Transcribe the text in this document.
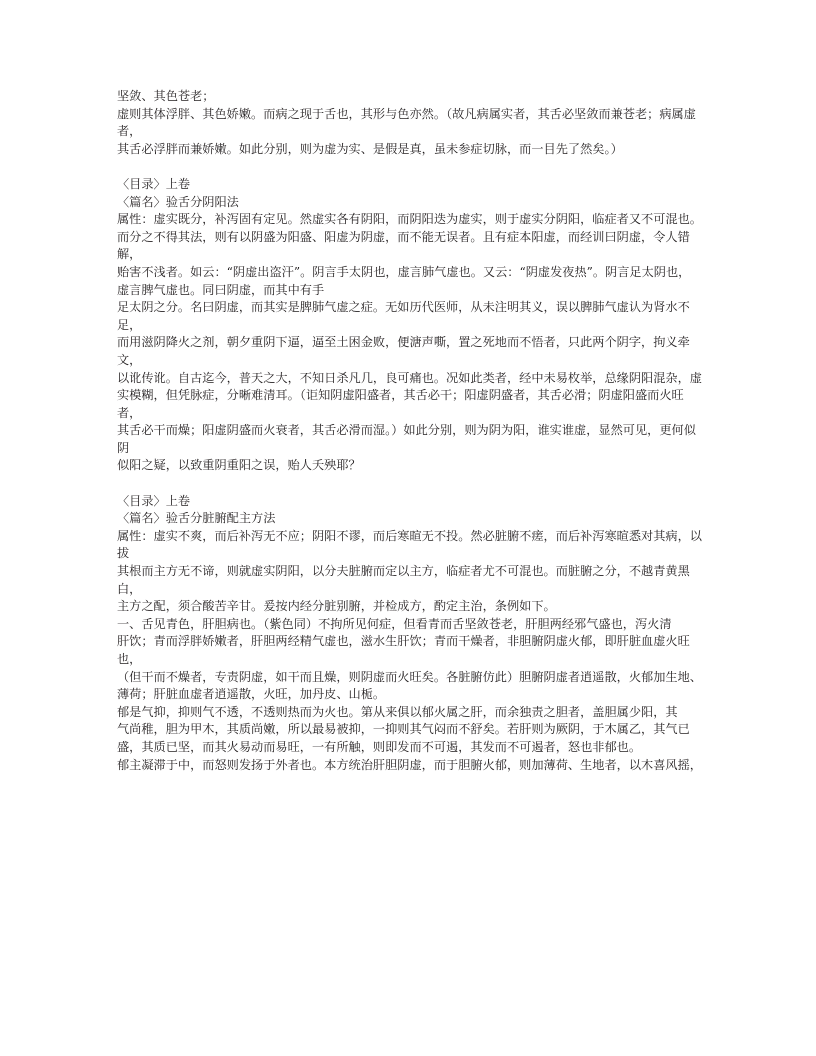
坚敛、其色苍老；
虚则其体浮胖、其色娇嫩。而病之现于舌也，其形与色亦然。（故凡病属实者，其舌必坚敛而兼苍老；病属虚者，
其舌必浮胖而兼娇嫩。如此分别，则为虚为实、是假是真，虽未参症切脉，而一目先了然矣。）

〈目录〉上卷
〈篇名〉验舌分阴阳法
属性：虚实既分，补泻固有定见。然虚实各有阴阳，而阴阳迭为虚实，则于虚实分阴阳，临症者又不可混也。
而分之不得其法，则有以阴盛为阳盛、阳虚为阴虚，而不能无误者。且有症本阳虚，而经训曰阴虚，令人错解，
贻害不浅者。如云：“阴虚出盗汗”。阴言手太阴也，虚言肺气虚也。又云：“阴虚发夜热”。阴言足太阴也，
虚言脾气虚也。同曰阴虚，而其中有手
足太阴之分。名曰阴虚，而其实是脾肺气虚之症。无如历代医师，从未注明其义，误以脾肺气虚认为肾水不足，
而用滋阴降火之剂，朝夕重阴下逼，逼至土困金败，便溏声嘶，置之死地而不悟者，只此两个阴字，拘义牵文，
以讹传讹。自古迄今，普天之大，不知日杀凡几，良可痛也。况如此类者，经中未易枚举，总缘阴阳混杂，虚
实模糊，但凭脉症，分晰难清耳。（讵知阴虚阳盛者，其舌必干；阳虚阴盛者，其舌必滑；阴虚阳盛而火旺者，
其舌必干而燥；阳虚阴盛而火衰者，其舌必滑而湿。）如此分别，则为阴为阳，谁实谁虚，显然可见，更何似阴
似阳之疑，以致重阴重阳之误，贻人夭殃耶？

〈目录〉上卷
〈篇名〉验舌分脏腑配主方法
属性：虚实不爽，而后补泻无不应；阴阳不谬，而后寒暄无不投。然必脏腑不瘥，而后补泻寒暄悉对其病，以拔
其根而主方无不谛，则就虚实阴阳，以分夫脏腑而定以主方，临症者尤不可混也。而脏腑之分，不越青黄黑白，
主方之配，须合酸苦辛甘。爰按内经分脏别腑，并检成方，酌定主治，条例如下。
一、舌见青色，肝胆病也。（紫色同）不拘所见何症，但看青而舌坚敛苍老，肝胆两经邪气盛也，泻火清
肝饮；青而浮胖娇嫩者，肝胆两经精气虚也，滋水生肝饮；青而干燥者，非胆腑阴虚火郁，即肝脏血虚火旺也，
（但干而不燥者，专责阴虚，如干而且燥，则阴虚而火旺矣。各脏腑仿此）胆腑阴虚者逍遥散，火郁加生地、
薄荷；肝脏血虚者逍遥散，火旺，加丹皮、山栀。
郁是气抑，抑则气不透，不透则热而为火也。第从来俱以郁火属之肝，而余独责之胆者，盖胆属少阳，其
气尚稚，胆为甲木，其质尚嫩，所以最易被抑，一抑则其气闷而不舒矣。若肝则为厥阴，于木属乙，其气已盛，其质已坚，而其火易动而易旺，一有所触，则即发而不可遏，其发而不可遏者，怒也非郁也。
郁主凝滞于中，而怒则发扬于外者也。本方统治肝胆阴虚，而于胆腑火郁，则加薄荷、生地者，以木喜风摇，
